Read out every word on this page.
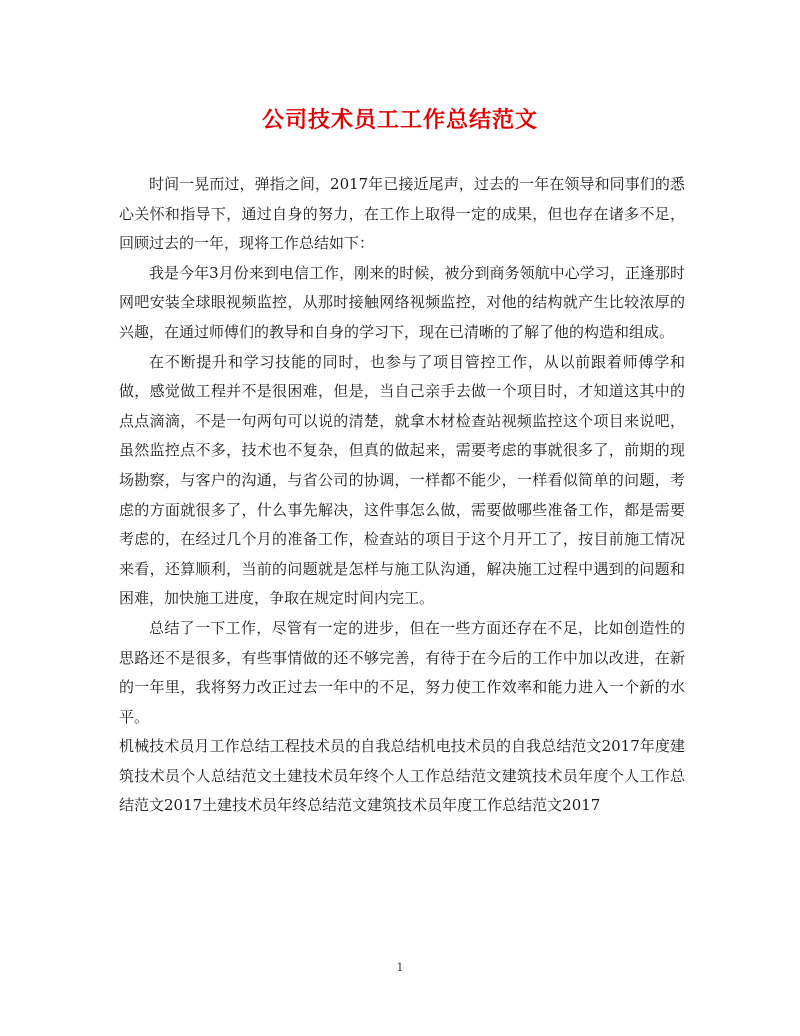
公司技术员工工作总结范文

时间一晃而过，弹指之间，2017年已接近尾声，过去的一年在领导和同事们的悉心关怀和指导下，通过自身的努力，在工作上取得一定的成果，但也存在诸多不足，回顾过去的一年，现将工作总结如下：

我是今年3月份来到电信工作，刚来的时候，被分到商务领航中心学习，正逢那时网吧安装全球眼视频监控，从那时接触网络视频监控，对他的结构就产生比较浓厚的兴趣，在通过师傅们的教导和自身的学习下，现在已清晰的了解了他的构造和组成。

在不断提升和学习技能的同时，也参与了项目管控工作，从以前跟着师傅学和做，感觉做工程并不是很困难，但是，当自己亲手去做一个项目时，才知道这其中的点点滴滴，不是一句两句可以说的清楚，就拿木材检查站视频监控这个项目来说吧，虽然监控点不多，技术也不复杂，但真的做起来，需要考虑的事就很多了，前期的现场勘察，与客户的沟通，与省公司的协调，一样都不能少，一样看似简单的问题，考虑的方面就很多了，什么事先解决，这件事怎么做，需要做哪些准备工作，都是需要考虑的，在经过几个月的准备工作，检查站的项目于这个月开工了，按目前施工情况来看，还算顺利，当前的问题就是怎样与施工队沟通，解决施工过程中遇到的问题和困难，加快施工进度，争取在规定时间内完工。

总结了一下工作，尽管有一定的进步，但在一些方面还存在不足，比如创造性的思路还不是很多，有些事情做的还不够完善，有待于在今后的工作中加以改进，在新的一年里，我将努力改正过去一年中的不足，努力使工作效率和能力进入一个新的水平。

机械技术员月工作总结工程技术员的自我总结机电技术员的自我总结范文2017年度建筑技术员个人总结范文土建技术员年终个人工作总结范文建筑技术员年度个人工作总结范文2017土建技术员年终总结范文建筑技术员年度工作总结范文2017

1
